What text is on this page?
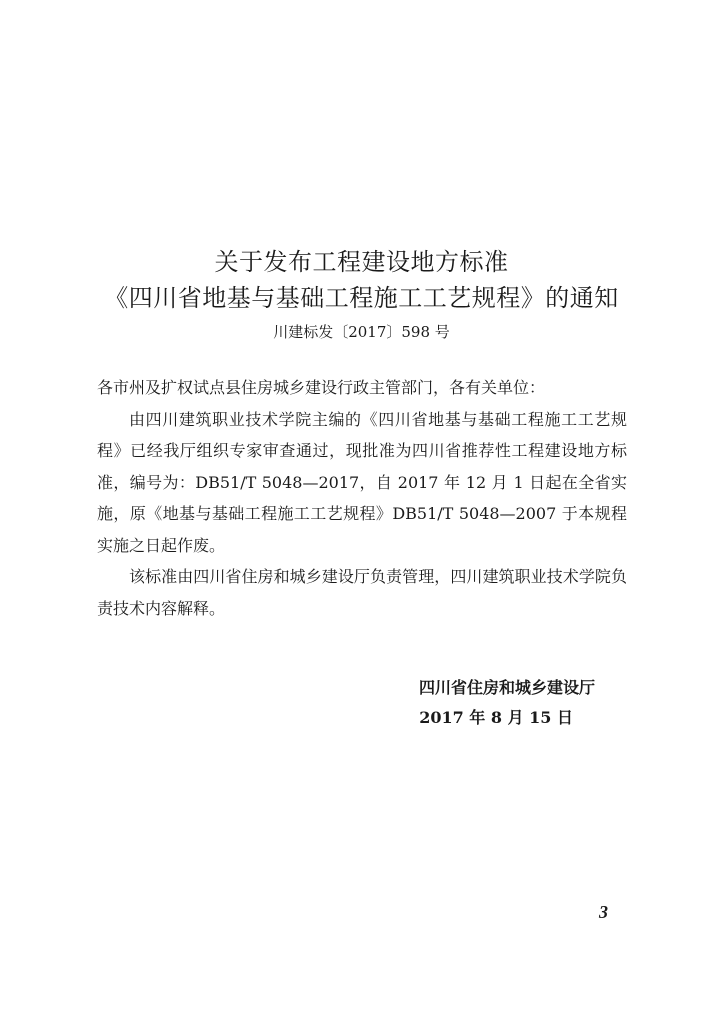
关于发布工程建设地方标准
《四川省地基与基础工程施工工艺规程》的通知
川建标发〔2017〕598 号

各市州及扩权试点县住房城乡建设行政主管部门，各有关单位：

由四川建筑职业技术学院主编的《四川省地基与基础工程施工工艺规程》已经我厅组织专家审查通过，现批准为四川省推荐性工程建设地方标准，编号为：DB51/T 5048—2017，自 2017 年 12 月 1 日起在全省实施，原《地基与基础工程施工工艺规程》DB51/T 5048—2007 于本规程实施之日起作废。

该标准由四川省住房和城乡建设厅负责管理，四川建筑职业技术学院负责技术内容解释。

四川省住房和城乡建设厅
2017 年 8 月 15 日
3
